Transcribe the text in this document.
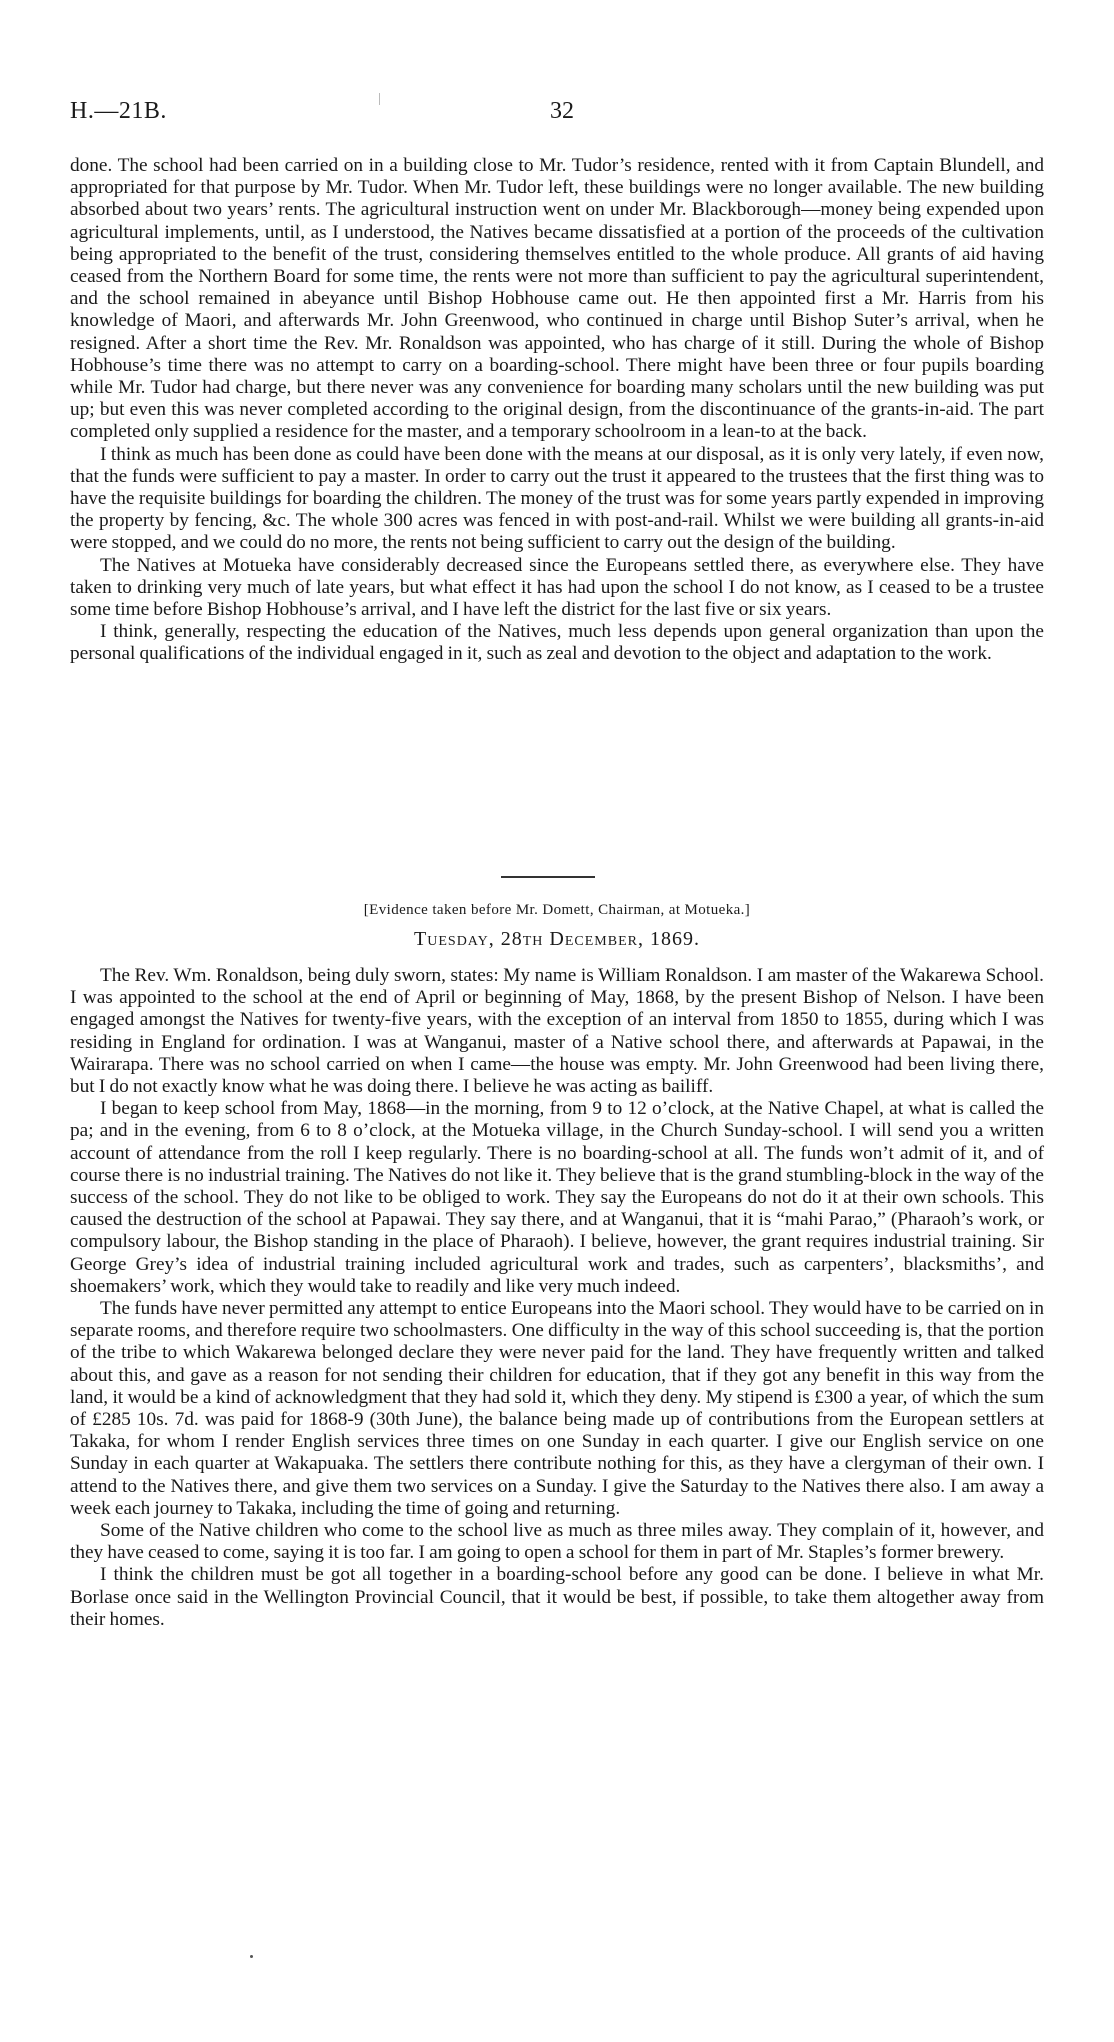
H.—21B.	32

done. The school had been carried on in a building close to Mr. Tudor’s residence, rented with it from Captain Blundell, and appropriated for that purpose by Mr. Tudor. When Mr. Tudor left, these buildings were no longer available. The new building absorbed about two years’ rents. The agricultural instruction went on under Mr. Blackborough—money being expended upon agricultural implements, until, as I understood, the Natives became dissatisfied at a portion of the proceeds of the cultivation being appropriated to the benefit of the trust, considering themselves entitled to the whole produce. All grants of aid having ceased from the Northern Board for some time, the rents were not more than sufficient to pay the agricultural superintendent, and the school remained in abeyance until Bishop Hobhouse came out. He then appointed first a Mr. Harris from his knowledge of Maori, and afterwards Mr. John Greenwood, who continued in charge until Bishop Suter’s arrival, when he resigned. After a short time the Rev. Mr. Ronaldson was appointed, who has charge of it still. During the whole of Bishop Hobhouse’s time there was no attempt to carry on a boarding-school. There might have been three or four pupils boarding while Mr. Tudor had charge, but there never was any convenience for boarding many scholars until the new building was put up; but even this was never completed according to the original design, from the discontinuance of the grants-in-aid. The part completed only supplied a residence for the master, and a temporary schoolroom in a lean-to at the back.

I think as much has been done as could have been done with the means at our disposal, as it is only very lately, if even now, that the funds were sufficient to pay a master. In order to carry out the trust it appeared to the trustees that the first thing was to have the requisite buildings for boarding the children. The money of the trust was for some years partly expended in improving the property by fencing, &c. The whole 300 acres was fenced in with post-and-rail. Whilst we were building all grants-in-aid were stopped, and we could do no more, the rents not being sufficient to carry out the design of the building.

The Natives at Motueka have considerably decreased since the Europeans settled there, as everywhere else. They have taken to drinking very much of late years, but what effect it has had upon the school I do not know, as I ceased to be a trustee some time before Bishop Hobhouse’s arrival, and I have left the district for the last five or six years.

I think, generally, respecting the education of the Natives, much less depends upon general organization than upon the personal qualifications of the individual engaged in it, such as zeal and devotion to the object and adaptation to the work.

[Evidence taken before Mr. Domett, Chairman, at Motueka.]
Tuesday, 28th December, 1869.

The Rev. Wm. Ronaldson, being duly sworn, states: My name is William Ronaldson. I am master of the Wakarewa School. I was appointed to the school at the end of April or beginning of May, 1868, by the present Bishop of Nelson. I have been engaged amongst the Natives for twenty-five years, with the exception of an interval from 1850 to 1855, during which I was residing in England for ordination. I was at Wanganui, master of a Native school there, and afterwards at Papawai, in the Wairarapa. There was no school carried on when I came—the house was empty. Mr. John Greenwood had been living there, but I do not exactly know what he was doing there. I believe he was acting as bailiff.

I began to keep school from May, 1868—in the morning, from 9 to 12 o’clock, at the Native Chapel, at what is called the pa; and in the evening, from 6 to 8 o’clock, at the Motueka village, in the Church Sunday-school. I will send you a written account of attendance from the roll I keep regularly. There is no boarding-school at all. The funds won’t admit of it, and of course there is no industrial training. The Natives do not like it. They believe that is the grand stumbling-block in the way of the success of the school. They do not like to be obliged to work. They say the Europeans do not do it at their own schools. This caused the destruction of the school at Papawai. They say there, and at Wanganui, that it is “mahi Parao,” (Pharaoh’s work, or compulsory labour, the Bishop standing in the place of Pharaoh). I believe, however, the grant requires industrial training. Sir George Grey’s idea of industrial training included agricultural work and trades, such as carpenters’, blacksmiths’, and shoemakers’ work, which they would take to readily and like very much indeed.

The funds have never permitted any attempt to entice Europeans into the Maori school. They would have to be carried on in separate rooms, and therefore require two schoolmasters. One difficulty in the way of this school succeeding is, that the portion of the tribe to which Wakarewa belonged declare they were never paid for the land. They have frequently written and talked about this, and gave as a reason for not sending their children for education, that if they got any benefit in this way from the land, it would be a kind of acknowledgment that they had sold it, which they deny. My stipend is £300 a year, of which the sum of £285 10s. 7d. was paid for 1868-9 (30th June), the balance being made up of contributions from the European settlers at Takaka, for whom I render English services three times on one Sunday in each quarter. I give our English service on one Sunday in each quarter at Wakapuaka. The settlers there contribute nothing for this, as they have a clergyman of their own. I attend to the Natives there, and give them two services on a Sunday. I give the Saturday to the Natives there also. I am away a week each journey to Takaka, including the time of going and returning.

Some of the Native children who come to the school live as much as three miles away. They complain of it, however, and they have ceased to come, saying it is too far. I am going to open a school for them in part of Mr. Staples’s former brewery.

I think the children must be got all together in a boarding-school before any good can be done. I believe in what Mr. Borlase once said in the Wellington Provincial Council, that it would be best, if possible, to take them altogether away from their homes.
